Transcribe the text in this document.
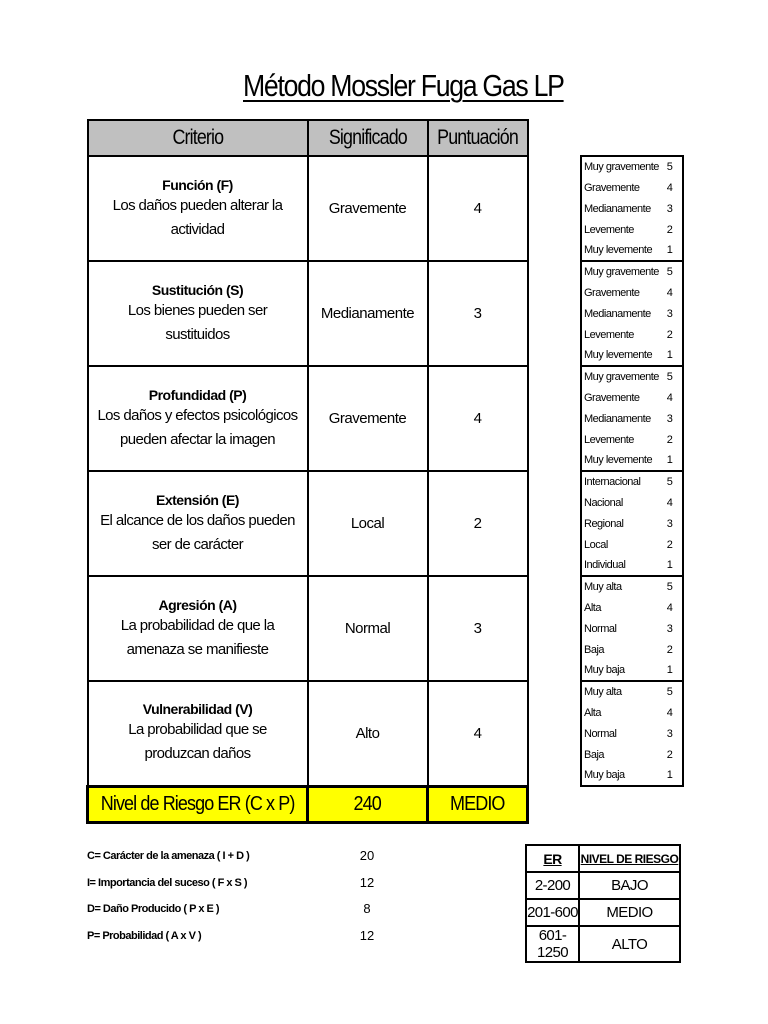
Método Mossler Fuga Gas LP
Criterio	Significado	Puntuación

Función (F)
Los daños pueden alterar la actividad	Gravemente	4

Sustitución (S)
Los bienes pueden ser sustituidos	Medianamente	3

Profundidad (P)
Los daños y efectos psicológicos pueden afectar la imagen	Gravemente	4

Extensión (E)
El alcance de los daños pueden ser de carácter	Local	2

Agresión (A)
La probabilidad de que la amenaza se manifieste	Normal	3

Vulnerabilidad (V)
La probabilidad que se produzcan daños	Alto	4
Nivel de Riesgo ER (C x P)	240	MEDIO
Muy gravemente	5
Gravemente	4
Medianamente	3
Levemente	2
Muy levemente	1
Muy gravemente	5
Gravemente	4
Medianamente	3
Levemente	2
Muy levemente	1
Muy gravemente	5
Gravemente	4
Medianamente	3
Levemente	2
Muy levemente	1
Internacional	5
Nacional	4
Regional	3
Local	2
Individual	1
Muy alta	5
Alta	4
Normal	3
Baja	2
Muy baja	1
Muy alta	5
Alta	4
Normal	3
Baja	2
Muy baja	1
C= Carácter de la amenaza ( I + D )	20
I= Importancia del suceso ( F x S )	12
D= Daño Producido ( P x E )	8
P= Probabilidad ( A x V )	12
ER	NIVEL DE RIESGO
2-200	BAJO
201-600	MEDIO
601-1250	ALTO
